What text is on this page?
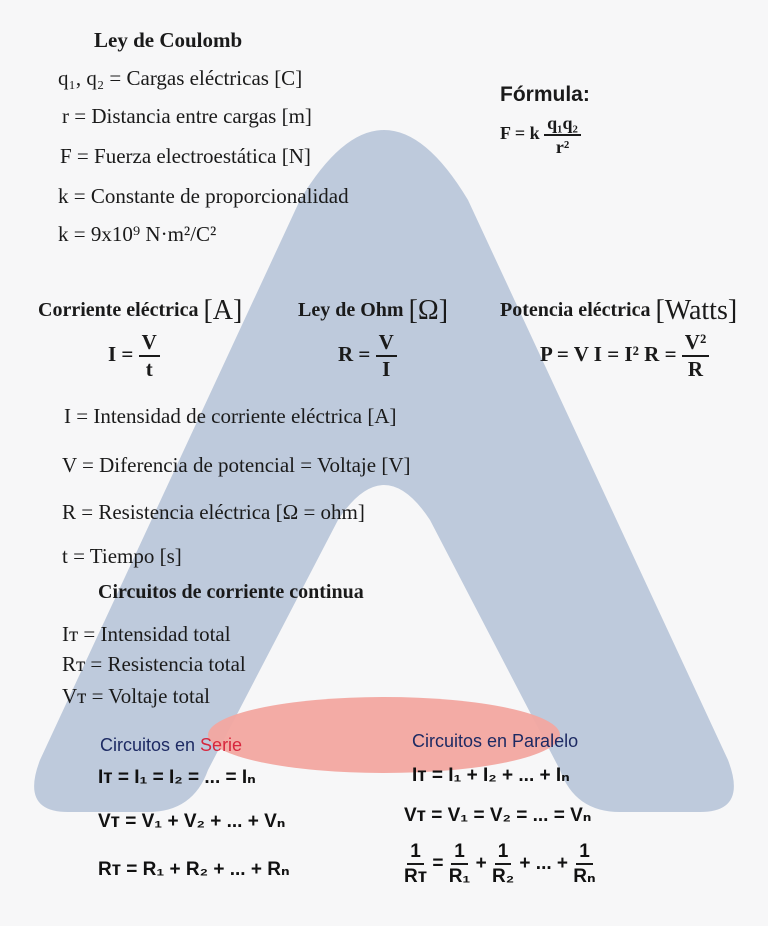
Ley de Coulomb
q₁, q₂ = Cargas eléctricas [C]
r = Distancia entre cargas [m]
F = Fuerza electroestática [N]
k = Constante de proporcionalidad
k = 9x10⁹ N·m²/C²
Fórmula:
F = k $\frac{\text{q₁q₂}}{\text{r²}}$
Corriente eléctrica [A]	Ley de Ohm [Ω]	Potencia eléctrica [Watts]
$I = \frac{V}{t}$	$R = \frac{V}{I}$	P = V I = I² $R = \frac{\text{V²}}{R}$
I = Intensidad de corriente eléctrica [A]
V = Diferencia de potencial = Voltaje [V]
R = Resistencia eléctrica [Ω = ohm]
t = Tiempo [s]
Circuitos de corriente continua
Iᴛ = Intensidad total
Rᴛ = Resistencia total
Vᴛ = Voltaje total
Circuitos en Serie
Iᴛ = I₁ = I₂ = ... = Iₙ
Vᴛ = V₁ + V₂ + ... + Vₙ
Rᴛ = R₁ + R₂ + ... + Rₙ
Circuitos en Paralelo
Iᴛ = I₁ + I₂ + ... + Iₙ
Vᴛ = V₁ = V₂ = ... = Vₙ
$\frac{1}{\text{Rᴛ}} = \frac{1}{\text{R₁}} + \frac{1}{\text{R₂}}$ + ... + $\frac{1}{\text{Rₙ}}$
